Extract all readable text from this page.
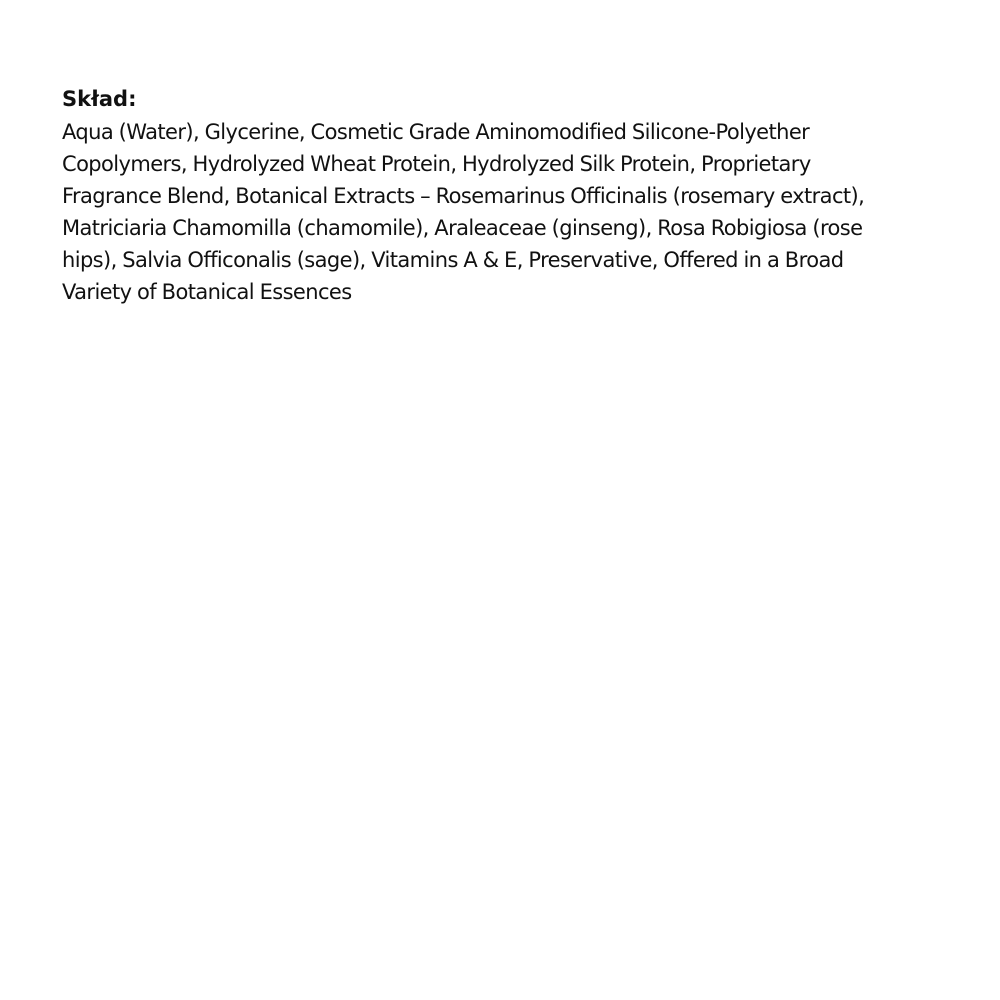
Skład:

Aqua (Water), Glycerine, Cosmetic Grade Aminomodified Silicone-Polyether
Copolymers, Hydrolyzed Wheat Protein, Hydrolyzed Silk Protein, Proprietary
Fragrance Blend, Botanical Extracts – Rosemarinus Officinalis (rosemary extract),
Matriciaria Chamomilla (chamomile), Araleaceae (ginseng), Rosa Robigiosa (rose
hips), Salvia Officonalis (sage), Vitamins A & E, Preservative, Offered in a Broad
Variety of Botanical Essences
